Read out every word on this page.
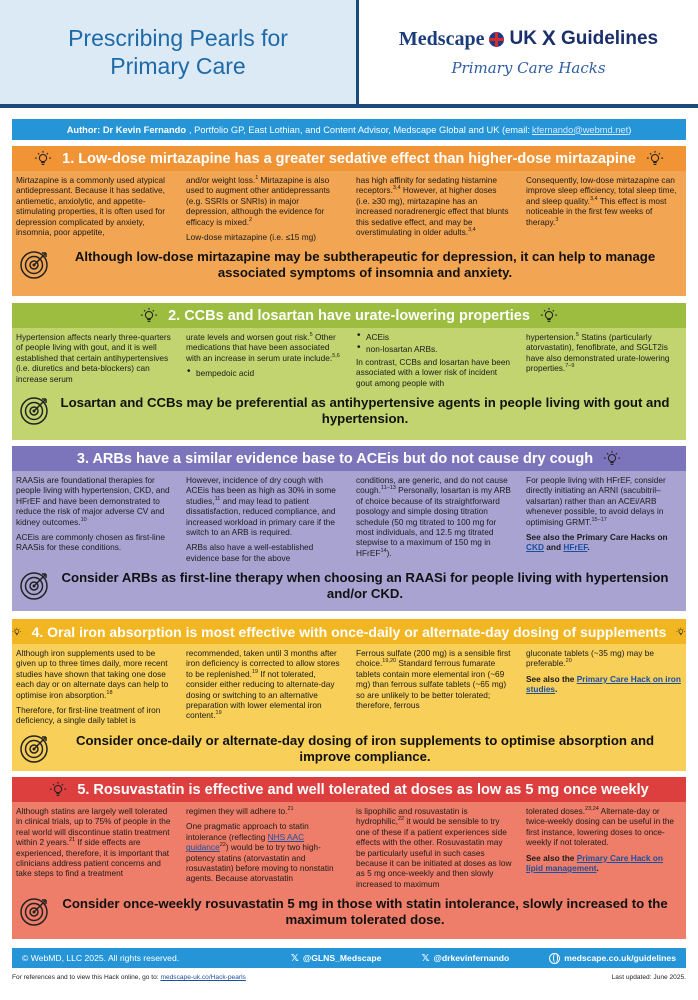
Prescribing Pearls for
Primary Care
Medscape UK X Guidelines
Primary Care Hacks
Author: Dr Kevin Fernando , Portfolio GP, East Lothian, and Content Advisor, Medscape Global and UK (email: kfernando@webmd.net )
1. Low-dose mirtazapine has a greater sedative effect than higher-dose mirtazapine

Mirtazapine is a commonly used atypical antidepressant. Because it has sedative, antiemetic, anxiolytic, and appetite-stimulating properties, it is often used for depression complicated by anxiety, insomnia, poor appetite,

and/or weight loss.$^1$ Mirtazapine is also used to augment other antidepressants (e.g. SSRIs or SNRIs) in major depression, although the evidence for efficacy is mixed.$^2$

Low-dose mirtazapine (i.e. ≤15 mg)

has high affinity for sedating histamine receptors.$^{3,4}$ However, at higher doses (i.e. ≥30 mg), mirtazapine has an increased noradrenergic effect that blunts this sedative effect, and may be overstimulating in older adults.$^{3,4}$

Consequently, low-dose mirtazapine can improve sleep efficiency, total sleep time, and sleep quality.$^{3,4}$ This effect is most noticeable in the first few weeks of therapy.$^3$

Although low-dose mirtazapine may be subtherapeutic for depression, it can help to manage associated symptoms of insomnia and anxiety.
2. CCBs and losartan have urate-lowering properties

Hypertension affects nearly three-quarters of people living with gout, and it is well established that certain antihypertensives (i.e. diuretics and beta-blockers) can increase serum

urate levels and worsen gout risk.$^5$ Other medications that have been associated with an increase in serum urate include:$^{5,6}$

• bempedoic acid
• ACEis
• non-losartan ARBs.

In contrast, CCBs and losartan have been associated with a lower risk of incident gout among people with

hypertension.$^5$ Statins (particularly atorvastatin), fenofibrate, and SGLT2is have also demonstrated urate-lowering properties.$^{7-9}$

Losartan and CCBs may be preferential as antihypertensive agents in people living with gout and hypertension.
3. ARBs have a similar evidence base to ACEis but do not cause dry cough

RAASis are foundational therapies for people living with hypertension, CKD, and HFrEF and have been demonstrated to reduce the risk of major adverse CV and kidney outcomes.$^{10}$

ACEis are commonly chosen as first-line RAASis for these conditions.

However, incidence of dry cough with ACEis has been as high as 30% in some studies,$^{11}$ and may lead to patient dissatisfaction, reduced compliance, and increased workload in primary care if the switch to an ARB is required.

ARBs also have a well-established evidence base for the above

conditions, are generic, and do not cause cough.$^{11-13}$ Personally, losartan is my ARB of choice because of its straightforward posology and simple dosing titration schedule (50 mg titrated to 100 mg for most individuals, and 12.5 mg titrated stepwise to a maximum of 150 mg in HFrEF$^{14}$).

For people living with HFrEF, consider directly initiating an ARNI (sacubitril–valsartan) rather than an ACEi/ARB whenever possible, to avoid delays in optimising GRMT.$^{15-17}$

See also the Primary Care Hacks on CKD and HFrEF.

Consider ARBs as first-line therapy when choosing an RAASi for people living with hypertension and/or CKD.
4. Oral iron absorption is most effective with once-daily or alternate-day dosing of supplements

Although iron supplements used to be given up to three times daily, more recent studies have shown that taking one dose each day or on alternate days can help to optimise iron absorption.$^{18}$

Therefore, for first-line treatment of iron deficiency, a single daily tablet is

recommended, taken until 3 months after iron deficiency is corrected to allow stores to be replenished.$^{19}$ If not tolerated, consider either reducing to alternate-day dosing or switching to an alternative preparation with lower elemental iron content.$^{19}$

Ferrous sulfate (200 mg) is a sensible first choice.$^{19,20}$ Standard ferrous fumarate tablets contain more elemental iron (~69 mg) than ferrous sulfate tablets (~65 mg) so are unlikely to be better tolerated; therefore, ferrous

gluconate tablets (~35 mg) may be preferable.$^{20}$

See also the Primary Care Hack on iron studies.

Consider once-daily or alternate-day dosing of iron supplements to optimise absorption and improve compliance.
5. Rosuvastatin is effective and well tolerated at doses as low as 5 mg once weekly

Although statins are largely well tolerated in clinical trials, up to 75% of people in the real world will discontinue statin treatment within 2 years.$^{21}$ If side effects are experienced, therefore, it is important that clinicians address patient concerns and take steps to find a treatment

regimen they will adhere to.$^{21}$

One pragmatic approach to statin intolerance (reflecting NHS AAC guidance$^{22}$) would be to try two high-potency statins (atorvastatin and rosuvastatin) before moving to nonstatin agents. Because atorvastatin

is lipophilic and rosuvastatin is hydrophilic,$^{22}$ it would be sensible to try one of these if a patient experiences side effects with the other. Rosuvastatin may be particularly useful in such cases because it can be initiated at doses as low as 5 mg once-weekly and then slowly increased to maximum

tolerated doses.$^{23,24}$ Alternate-day or twice-weekly dosing can be useful in the first instance, lowering doses to once-weekly if not tolerated.

See also the Primary Care Hack on lipid management.

Consider once-weekly rosuvastatin 5 mg in those with statin intolerance, slowly increased to the maximum tolerated dose.
© WebMD, LLC 2025. All rights reserved.	𝕏 @GLNS_Medscape	𝕏 @drkevinfernando	medscape.co.uk/guidelines
For references and to view this Hack online, go to: medscape-uk.co/Hack-pearls	Last updated: June 2025.
